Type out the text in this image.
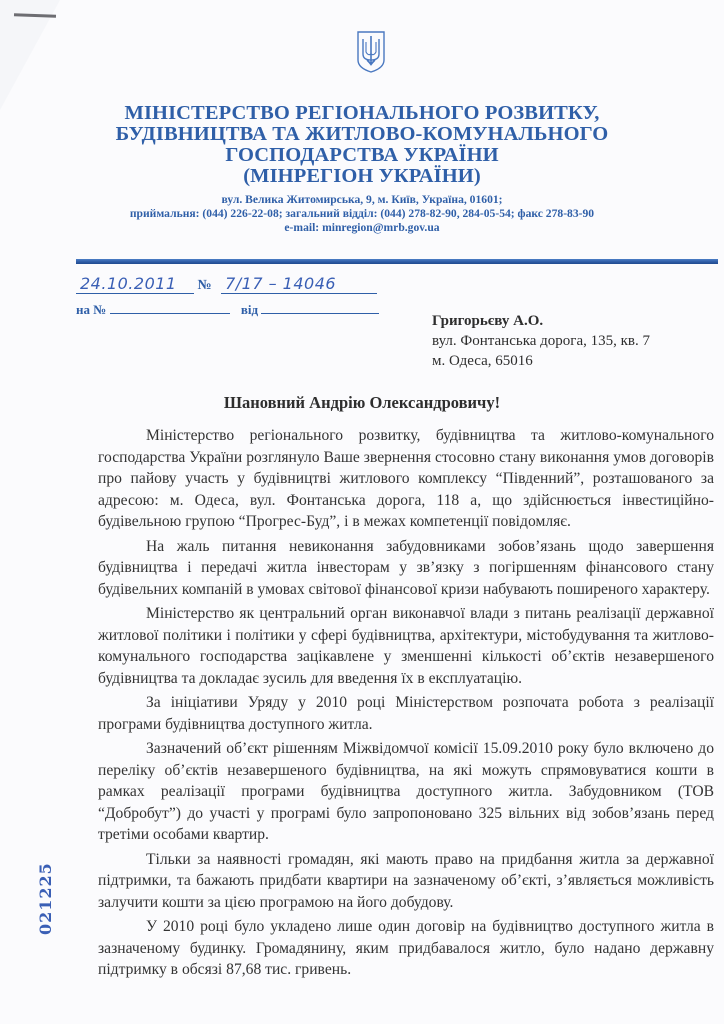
МІНІСТЕРСТВО РЕГІОНАЛЬНОГО РОЗВИТКУ,
БУДІВНИЦТВА ТА ЖИТЛОВО-КОМУНАЛЬНОГО
ГОСПОДАРСТВА УКРАЇНИ
(МІНРЕГІОН УКРАЇНИ)
вул. Велика Житомирська, 9, м. Київ, Україна, 01601;
приймальня: (044) 226-22-08; загальний відділ: (044) 278-82-90, 284-05-54; факс 278-83-90
e-mail: minregion@mrb.gov.ua
24.10.2011 № 7/17 – 14046
на №	від
Григорьєву А.О.
вул. Фонтанська дорога, 135, кв. 7
м. Одеса, 65016
Шановний Андрію Олександровичу!

Міністерство регіонального розвитку, будівництва та житлово-комунального господарства України розглянуло Ваше звернення стосовно стану виконання умов договорів про пайову участь у будівництві житлового комплексу “Південний”, розташованого за адресою: м. Одеса, вул. Фонтанська дорога, 118 а, що здійснюється інвестиційно-будівельною групою “Прогрес-Буд”, і в межах компетенції повідомляє.

На жаль питання невиконання забудовниками зобов’язань щодо завершення будівництва і передачі житла інвесторам у зв’язку з погіршенням фінансового стану будівельних компаній в умовах світової фінансової кризи набувають поширеного характеру.

Міністерство як центральний орган виконавчої влади з питань реалізації державної житлової політики і політики у сфері будівництва, архітектури, містобудування та житлово-комунального господарства зацікавлене у зменшенні кількості об’єктів незавершеного будівництва та докладає зусиль для введення їх в експлуатацію.

За ініціативи Уряду у 2010 році Міністерством розпочата робота з реалізації програми будівництва доступного житла.

Зазначений об’єкт рішенням Міжвідомчої комісії 15.09.2010 року було включено до переліку об’єктів незавершеного будівництва, на які можуть спрямовуватися кошти в рамках реалізації програми будівництва доступного житла. Забудовником (ТОВ “Добробут”) до участі у програмі було запропоновано 325 вільних від зобов’язань перед третіми особами квартир.

Тільки за наявності громадян, які мають право на придбання житла за державної підтримки, та бажають придбати квартири на зазначеному об’єкті, з’являється можливість залучити кошти за цією програмою на його добудову.

У 2010 році було укладено лише один договір на будівництво доступного житла в зазначеному будинку. Громадянину, яким придбавалося житло, було надано державну підтримку в обсязі 87,68 тис. гривень.

021225
